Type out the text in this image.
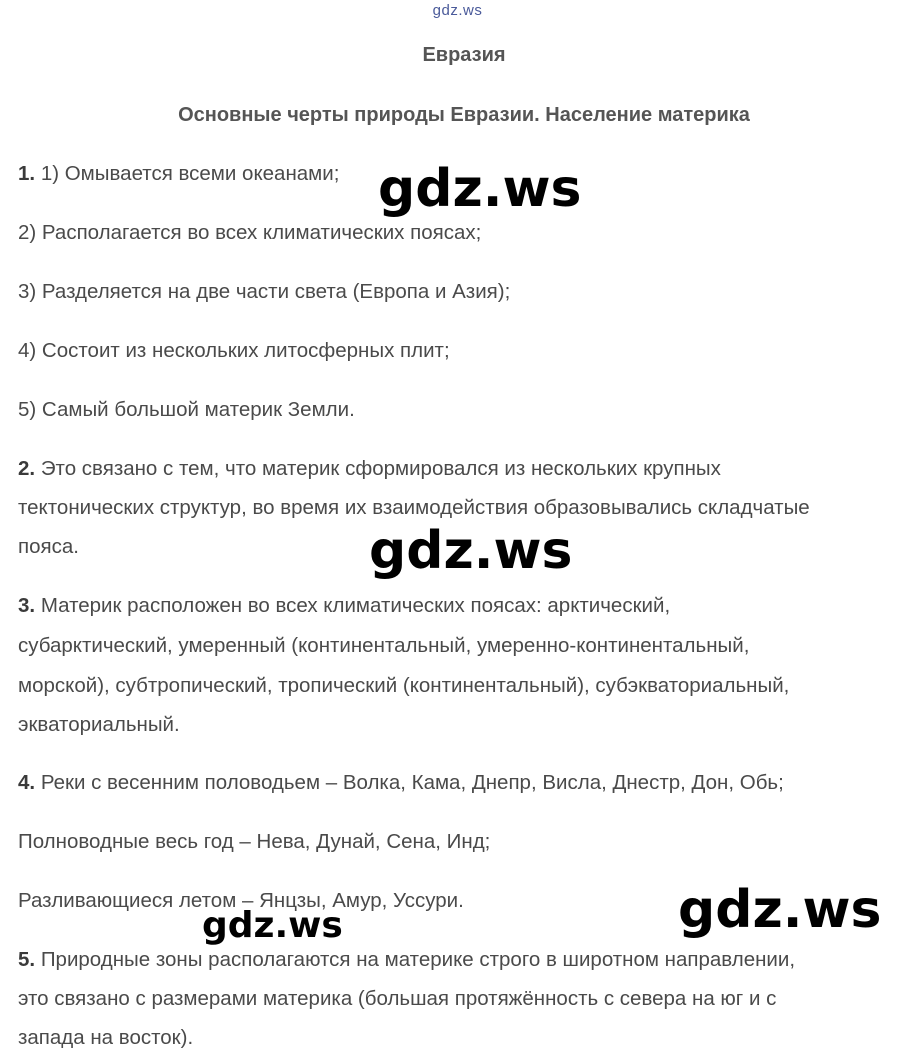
gdz.ws
Евразия
Основные черты природы Евразии. Население материка
1. 1) Омывается всеми океанами;
2) Располагается во всех климатических поясах;
3) Разделяется на две части света (Европа и Азия);
4) Состоит из нескольких литосферных плит;
5) Самый большой материк Земли.
2. Это связано с тем, что материк сформировался из нескольких крупных
тектонических структур, во время их взаимодействия образовывались складчатые
пояса.
3. Материк расположен во всех климатических поясах: арктический,
субарктический, умеренный (континентальный, умеренно-континентальный,
морской), субтропический, тропический (континентальный), субэкваториальный,
экваториальный.
4. Реки с весенним половодьем – Волка, Кама, Днепр, Висла, Днестр, Дон, Обь;
Полноводные весь год – Нева, Дунай, Сена, Инд;
Разливающиеся летом – Янцзы, Амур, Уссури.
5. Природные зоны располагаются на материке строго в широтном направлении,
это связано с размерами материка (большая протяжённость с севера на юг и с
запада на восток).
gdz.ws
gdz.ws
gdz.ws
gdz.ws
